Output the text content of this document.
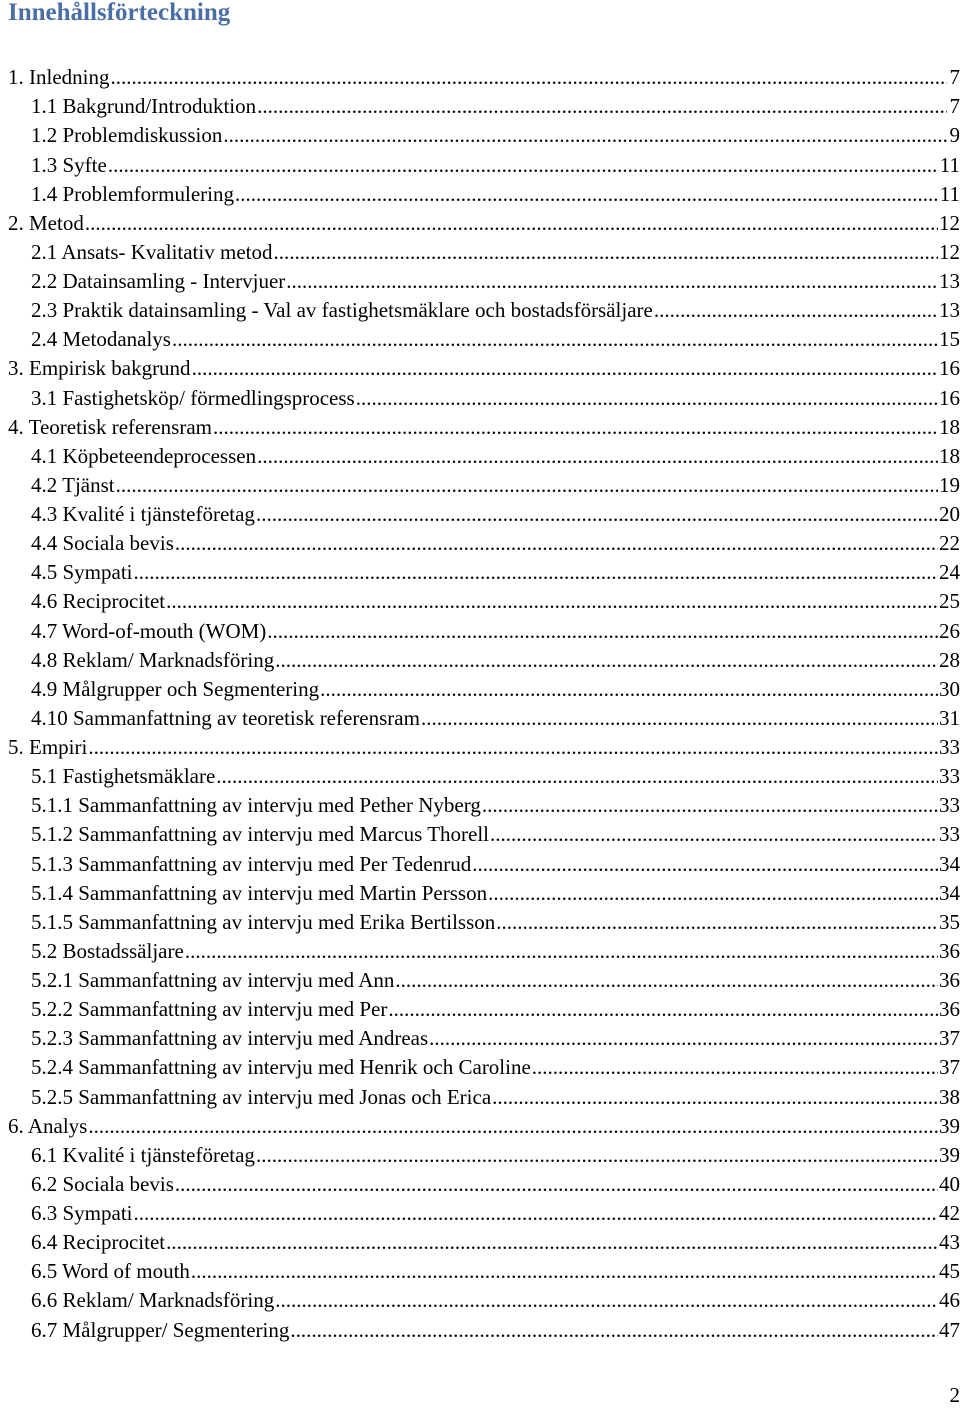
Innehållsförteckning
1. Inledning .....	7
1.1 Bakgrund/Introduktion .....	7
1.2 Problemdiskussion .....	9
1.3 Syfte .....	11
1.4 Problemformulering .....	11
2. Metod .....	12
2.1 Ansats- Kvalitativ metod .....	12
2.2 Datainsamling - Intervjuer .....	13
2.3 Praktik datainsamling - Val av fastighetsmäklare och bostadsförsäljare .....	13
2.4 Metodanalys .....	15
3. Empirisk bakgrund .....	16
3.1 Fastighetsköp/ förmedlingsprocess .....	16
4. Teoretisk referensram .....	18
4.1 Köpbeteendeprocessen .....	18
4.2 Tjänst .....	19
4.3 Kvalité i tjänsteföretag .....	20
4.4 Sociala bevis .....	22
4.5 Sympati .....	24
4.6 Reciprocitet .....	25
4.7 Word-of-mouth (WOM) .....	26
4.8 Reklam/ Marknadsföring .....	28
4.9 Målgrupper och Segmentering .....	30
4.10 Sammanfattning av teoretisk referensram .....	31
5. Empiri .....	33
5.1 Fastighetsmäklare .....	33
5.1.1 Sammanfattning av intervju med Pether Nyberg .....	33
5.1.2 Sammanfattning av intervju med Marcus Thorell .....	33
5.1.3 Sammanfattning av intervju med Per Tedenrud .....	34
5.1.4 Sammanfattning av intervju med Martin Persson .....	34
5.1.5 Sammanfattning av intervju med Erika Bertilsson .....	35
5.2 Bostadssäljare .....	36
5.2.1 Sammanfattning av intervju med Ann .....	36
5.2.2 Sammanfattning av intervju med Per .....	36
5.2.3 Sammanfattning av intervju med Andreas .....	37
5.2.4 Sammanfattning av intervju med Henrik och Caroline .....	37
5.2.5 Sammanfattning av intervju med Jonas och Erica .....	38
6. Analys .....	39
6.1 Kvalité i tjänsteföretag .....	39
6.2 Sociala bevis .....	40
6.3 Sympati .....	42
6.4 Reciprocitet .....	43
6.5 Word of mouth .....	45
6.6 Reklam/ Marknadsföring .....	46
6.7 Målgrupper/ Segmentering .....	47
2
